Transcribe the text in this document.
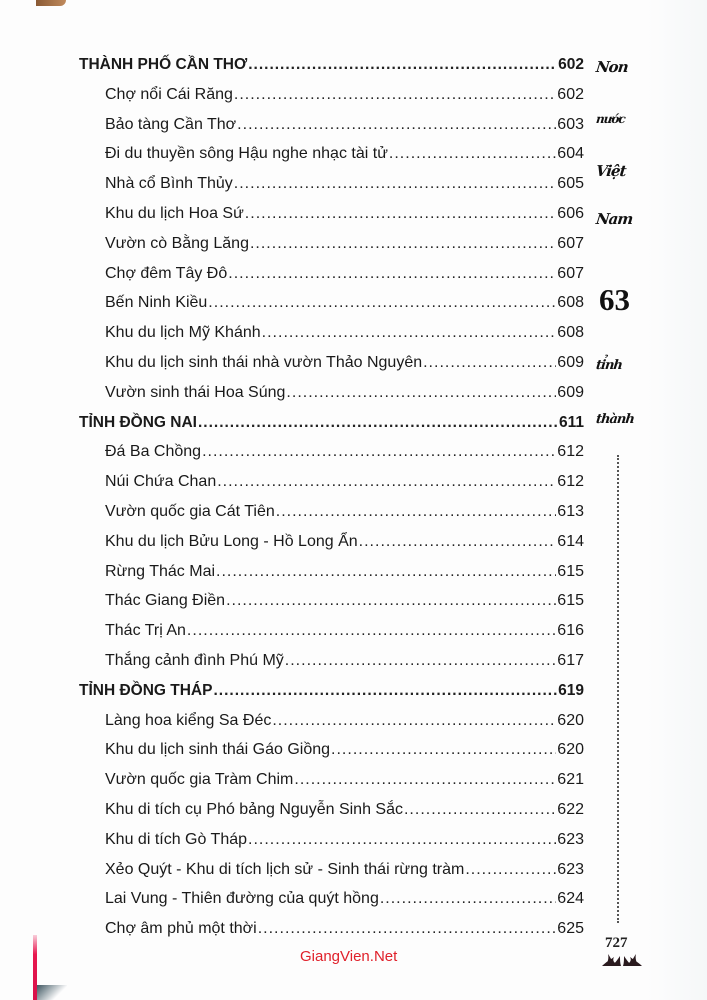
THÀNH PHỐ CẦN THƠ .....	602
Chợ nổi Cái Răng .....	602
Bảo tàng Cần Thơ .....	603
Đi du thuyền sông Hậu nghe nhạc tài tử .....	604
Nhà cổ Bình Thủy .....	605
Khu du lịch Hoa Sứ .....	606
Vườn cò Bằng Lăng .....	607
Chợ đêm Tây Đô .....	607
Bến Ninh Kiều .....	608
Khu du lịch Mỹ Khánh .....	608
Khu du lịch sinh thái nhà vườn Thảo Nguyên .....	609
Vườn sinh thái Hoa Súng .....	609
TỈNH ĐỒNG NAI .....	611
Đá Ba Chồng .....	612
Núi Chứa Chan .....	612
Vườn quốc gia Cát Tiên .....	613
Khu du lịch Bửu Long - Hồ Long Ẩn .....	614
Rừng Thác Mai .....	615
Thác Giang Điền .....	615
Thác Trị An .....	616
Thắng cảnh đình Phú Mỹ .....	617
TỈNH ĐỒNG THÁP .....	619
Làng hoa kiểng Sa Đéc .....	620
Khu du lịch sinh thái Gáo Giồng .....	620
Vườn quốc gia Tràm Chim .....	621
Khu di tích cụ Phó bảng Nguyễn Sinh Sắc .....	622
Khu di tích Gò Tháp .....	623
Xẻo Quýt - Khu di tích lịch sử - Sinh thái rừng tràm .....	623
Lai Vung - Thiên đường của quýt hồng .....	624
Chợ âm phủ một thời .....	625
Non
nước
Việt
Nam
63
tỉnh
thành
727
GiangVien.Net
